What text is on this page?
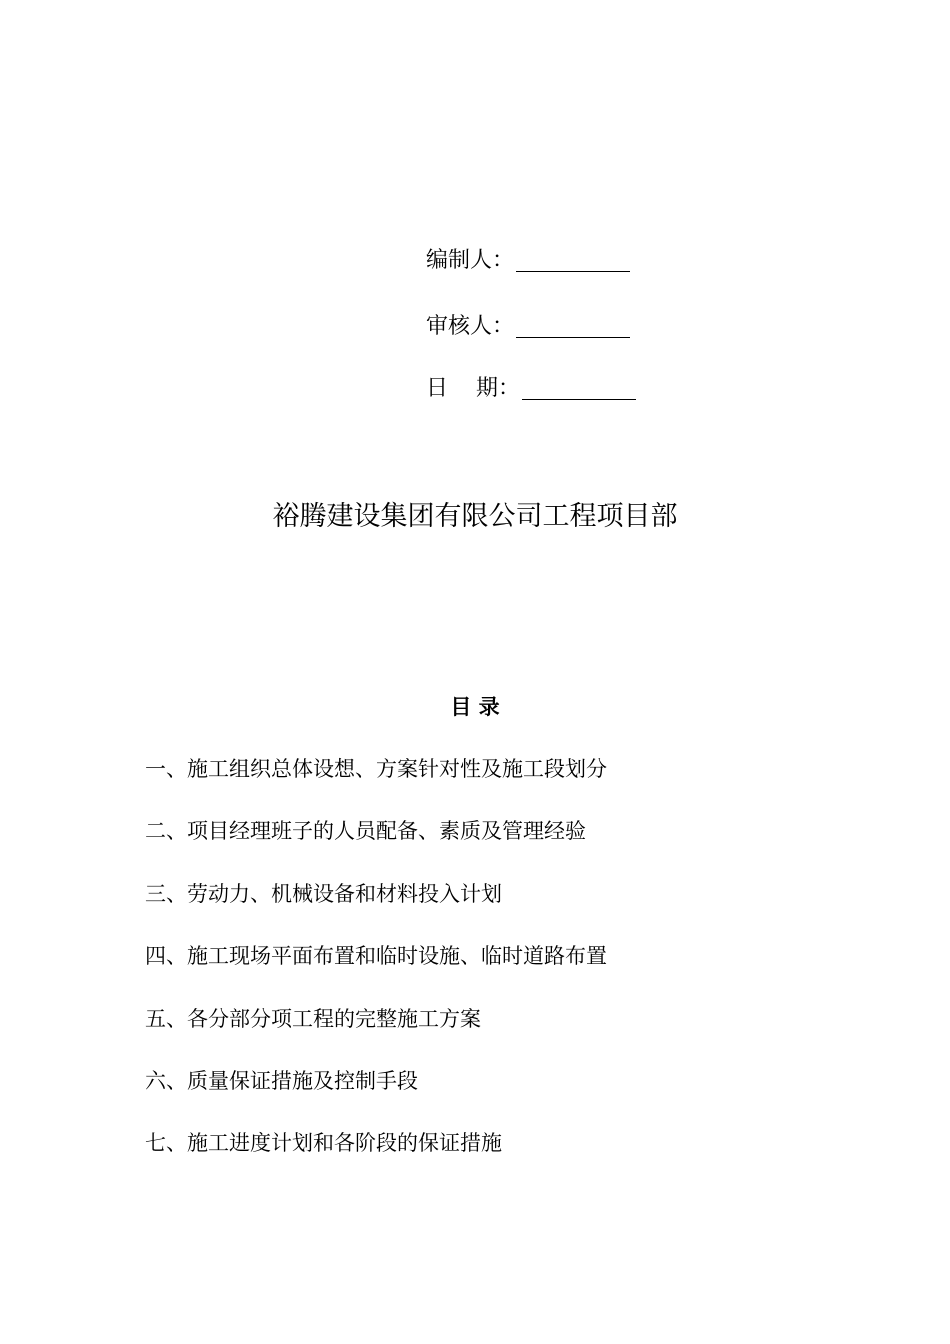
编制人：
审核人：
日    期：
裕腾建设集团有限公司工程项目部
目 录
一、施工组织总体设想、方案针对性及施工段划分
二、项目经理班子的人员配备、素质及管理经验
三、劳动力、机械设备和材料投入计划
四、施工现场平面布置和临时设施、临时道路布置
五、各分部分项工程的完整施工方案
六、质量保证措施及控制手段
七、施工进度计划和各阶段的保证措施
